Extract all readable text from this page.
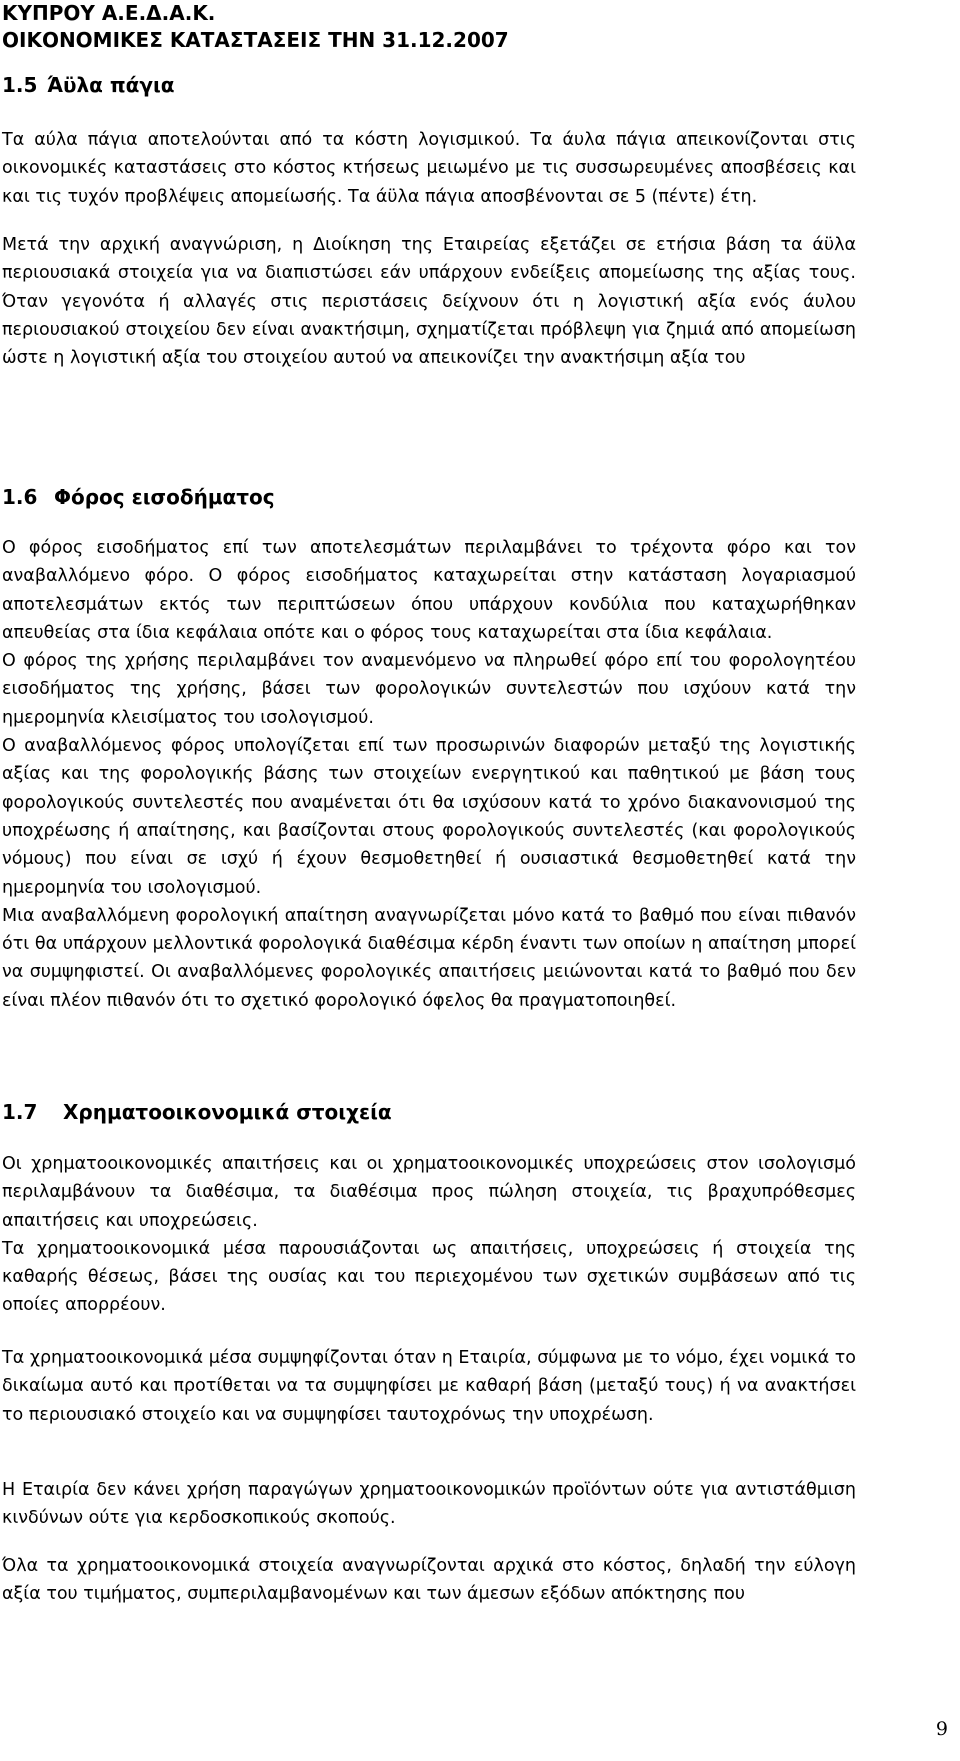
ΚΥΠΡΟΥ Α.Ε.Δ.Α.Κ.
ΟΙΚΟΝΟΜΙΚΕΣ ΚΑΤΑΣΤΑΣΕΙΣ ΤΗΝ 31.12.2007
1.5 Άϋλα πάγια

Τα αύλα πάγια αποτελούνται από τα κόστη λογισμικού. Τα άυλα πάγια απεικονίζονται στις οικονομικές καταστάσεις στο κόστος κτήσεως μειωμένο με τις συσσωρευμένες αποσβέσεις και και τις τυχόν προβλέψεις απομείωσής. Τα άϋλα πάγια αποσβένονται σε 5 (πέντε) έτη.

Μετά την αρχική αναγνώριση, η Διοίκηση της Εταιρείας εξετάζει σε ετήσια βάση τα άϋλα περιουσιακά στοιχεία για να διαπιστώσει εάν υπάρχουν ενδείξεις απομείωσης της αξίας τους. Όταν γεγονότα ή αλλαγές στις περιστάσεις δείχνουν ότι η λογιστική αξία ενός άυλου περιουσιακού στοιχείου δεν είναι ανακτήσιμη, σχηματίζεται πρόβλεψη για ζημιά από απομείωση ώστε η λογιστική αξία του στοιχείου αυτού να απεικονίζει την ανακτήσιμη αξία του

1.6 Φόρος εισοδήματος

Ο φόρος εισοδήματος επί των αποτελεσμάτων περιλαμβάνει το τρέχοντα φόρο και τον αναβαλλόμενο φόρο. Ο φόρος εισοδήματος καταχωρείται στην κατάσταση λογαριασμού αποτελεσμάτων εκτός των περιπτώσεων όπου υπάρχουν κονδύλια που καταχωρήθηκαν απευθείας στα ίδια κεφάλαια οπότε και ο φόρος τους καταχωρείται στα ίδια κεφάλαια.

Ο φόρος της χρήσης περιλαμβάνει τον αναμενόμενο να πληρωθεί φόρο επί του φορολογητέου εισοδήματος της χρήσης, βάσει των φορολογικών συντελεστών που ισχύουν κατά την ημερομηνία κλεισίματος του ισολογισμού.

Ο αναβαλλόμενος φόρος υπολογίζεται επί των προσωρινών διαφορών μεταξύ της λογιστικής αξίας και της φορολογικής βάσης των στοιχείων ενεργητικού και παθητικού με βάση τους φορολογικούς συντελεστές που αναμένεται ότι θα ισχύσουν κατά το χρόνο διακανονισμού της υποχρέωσης ή απαίτησης, και βασίζονται στους φορολογικούς συντελεστές (και φορολογικούς νόμους) που είναι σε ισχύ ή έχουν θεσμοθετηθεί ή ουσιαστικά θεσμοθετηθεί κατά την ημερομηνία του ισολογισμού.

Μια αναβαλλόμενη φορολογική απαίτηση αναγνωρίζεται μόνο κατά το βαθμό που είναι πιθανόν ότι θα υπάρχουν μελλοντικά φορολογικά διαθέσιμα κέρδη έναντι των οποίων η απαίτηση μπορεί να συμψηφιστεί. Οι αναβαλλόμενες φορολογικές απαιτήσεις μειώνονται κατά το βαθμό που δεν είναι πλέον πιθανόν ότι το σχετικό φορολογικό όφελος θα πραγματοποιηθεί.

1.7 Χρηματοοικονομικά στοιχεία

Οι χρηματοοικονομικές απαιτήσεις και οι χρηματοοικονομικές υποχρεώσεις στον ισολογισμό περιλαμβάνουν τα διαθέσιμα, τα διαθέσιμα προς πώληση στοιχεία, τις βραχυπρόθεσμες απαιτήσεις και υποχρεώσεις.

Τα χρηματοοικονομικά μέσα παρουσιάζονται ως απαιτήσεις, υποχρεώσεις ή στοιχεία της καθαρής θέσεως, βάσει της ουσίας και του περιεχομένου των σχετικών συμβάσεων από τις οποίες απορρέουν.

Τα χρηματοοικονομικά μέσα συμψηφίζονται όταν η Εταιρία, σύμφωνα με το νόμο, έχει νομικά το δικαίωμα αυτό και προτίθεται να τα συμψηφίσει με καθαρή βάση (μεταξύ τους) ή να ανακτήσει το περιουσιακό στοιχείο και να συμψηφίσει ταυτοχρόνως την υποχρέωση.

Η Εταιρία δεν κάνει χρήση παραγώγων χρηματοοικονομικών προϊόντων ούτε για αντιστάθμιση κινδύνων ούτε για κερδοσκοπικούς σκοπούς.

Όλα τα χρηματοοικονομικά στοιχεία αναγνωρίζονται αρχικά στο κόστος, δηλαδή την εύλογη αξία του τιμήματος, συμπεριλαμβανομένων και των άμεσων εξόδων απόκτησης που

9
